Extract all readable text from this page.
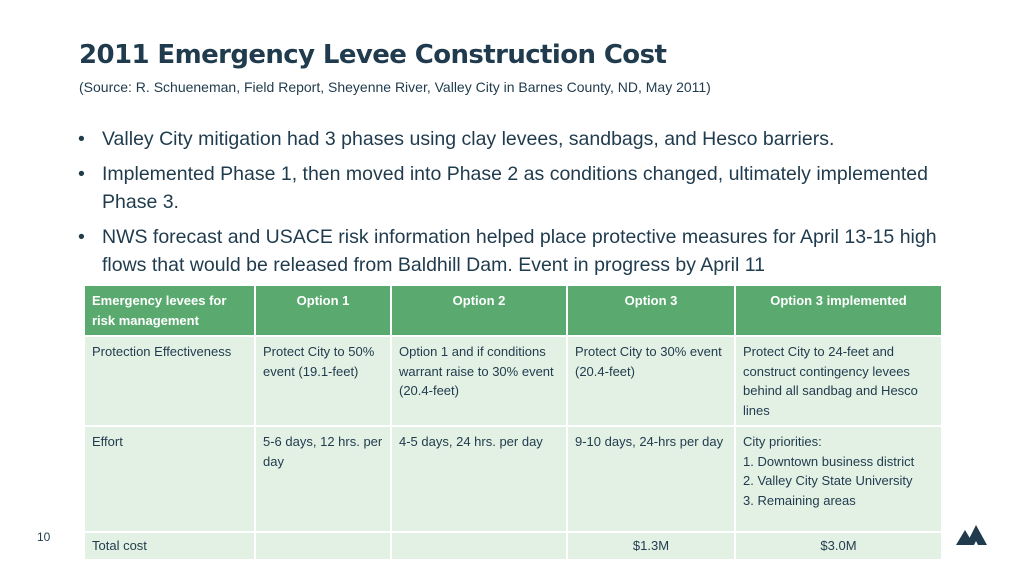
2011 Emergency Levee Construction Cost
(Source: R. Schueneman, Field Report, Sheyenne River, Valley City in Barnes County, ND, May 2011)
• Valley City mitigation had 3 phases using clay levees, sandbags, and Hesco barriers.
• Implemented Phase 1, then moved into Phase 2 as conditions changed, ultimately implemented Phase 3.
• NWS forecast and USACE risk information helped place protective measures for April 13-15 high flows that would be released from Baldhill Dam. Event in progress by April 11
Emergency levees for risk management	Option 1	Option 2	Option 3	Option 3 implemented
Protection Effectiveness	Protect City to 50% event (19.1-feet)	Option 1 and if conditions warrant raise to 30% event (20.4-feet)	Protect City to 30% event (20.4-feet)	Protect City to 24-feet and construct contingency levees behind all sandbag and Hesco lines
Effort	5-6 days, 12 hrs. per day	4-5 days, 24 hrs. per day	9-10 days, 24-hrs per day	City priorities:
1. Downtown business district
2. Valley City State University
3. Remaining areas

Total cost			$1.3M	$3.0M
10
